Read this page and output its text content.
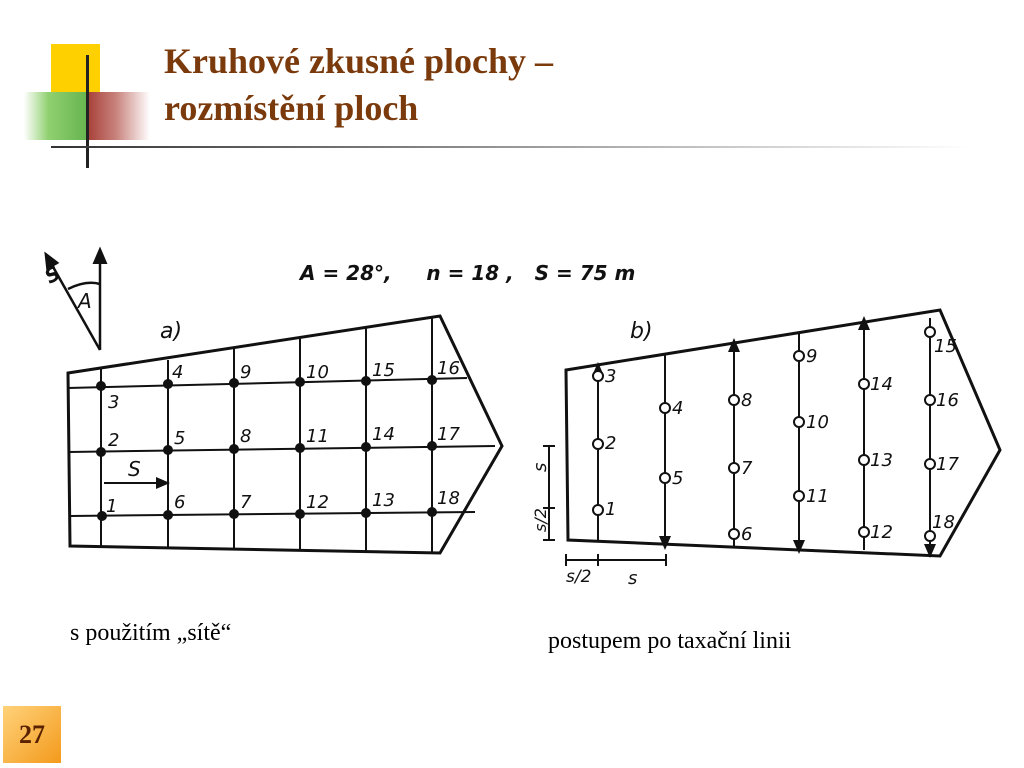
Kruhové zkusné plochy –
rozmístění ploch
A = 28°,     n = 18 ,   S = 75 m
S
A
a)	b)
S
1
2
3
4
5
6	7
8
9	10
11
12 13
14
15 16
17
18
s
s/2
s/2 s
1
2
3
4
5
6
7
8
9
10
11
12
13
14
15
16
17
18
s použitím „sítě“	postupem po taxační linii
27
